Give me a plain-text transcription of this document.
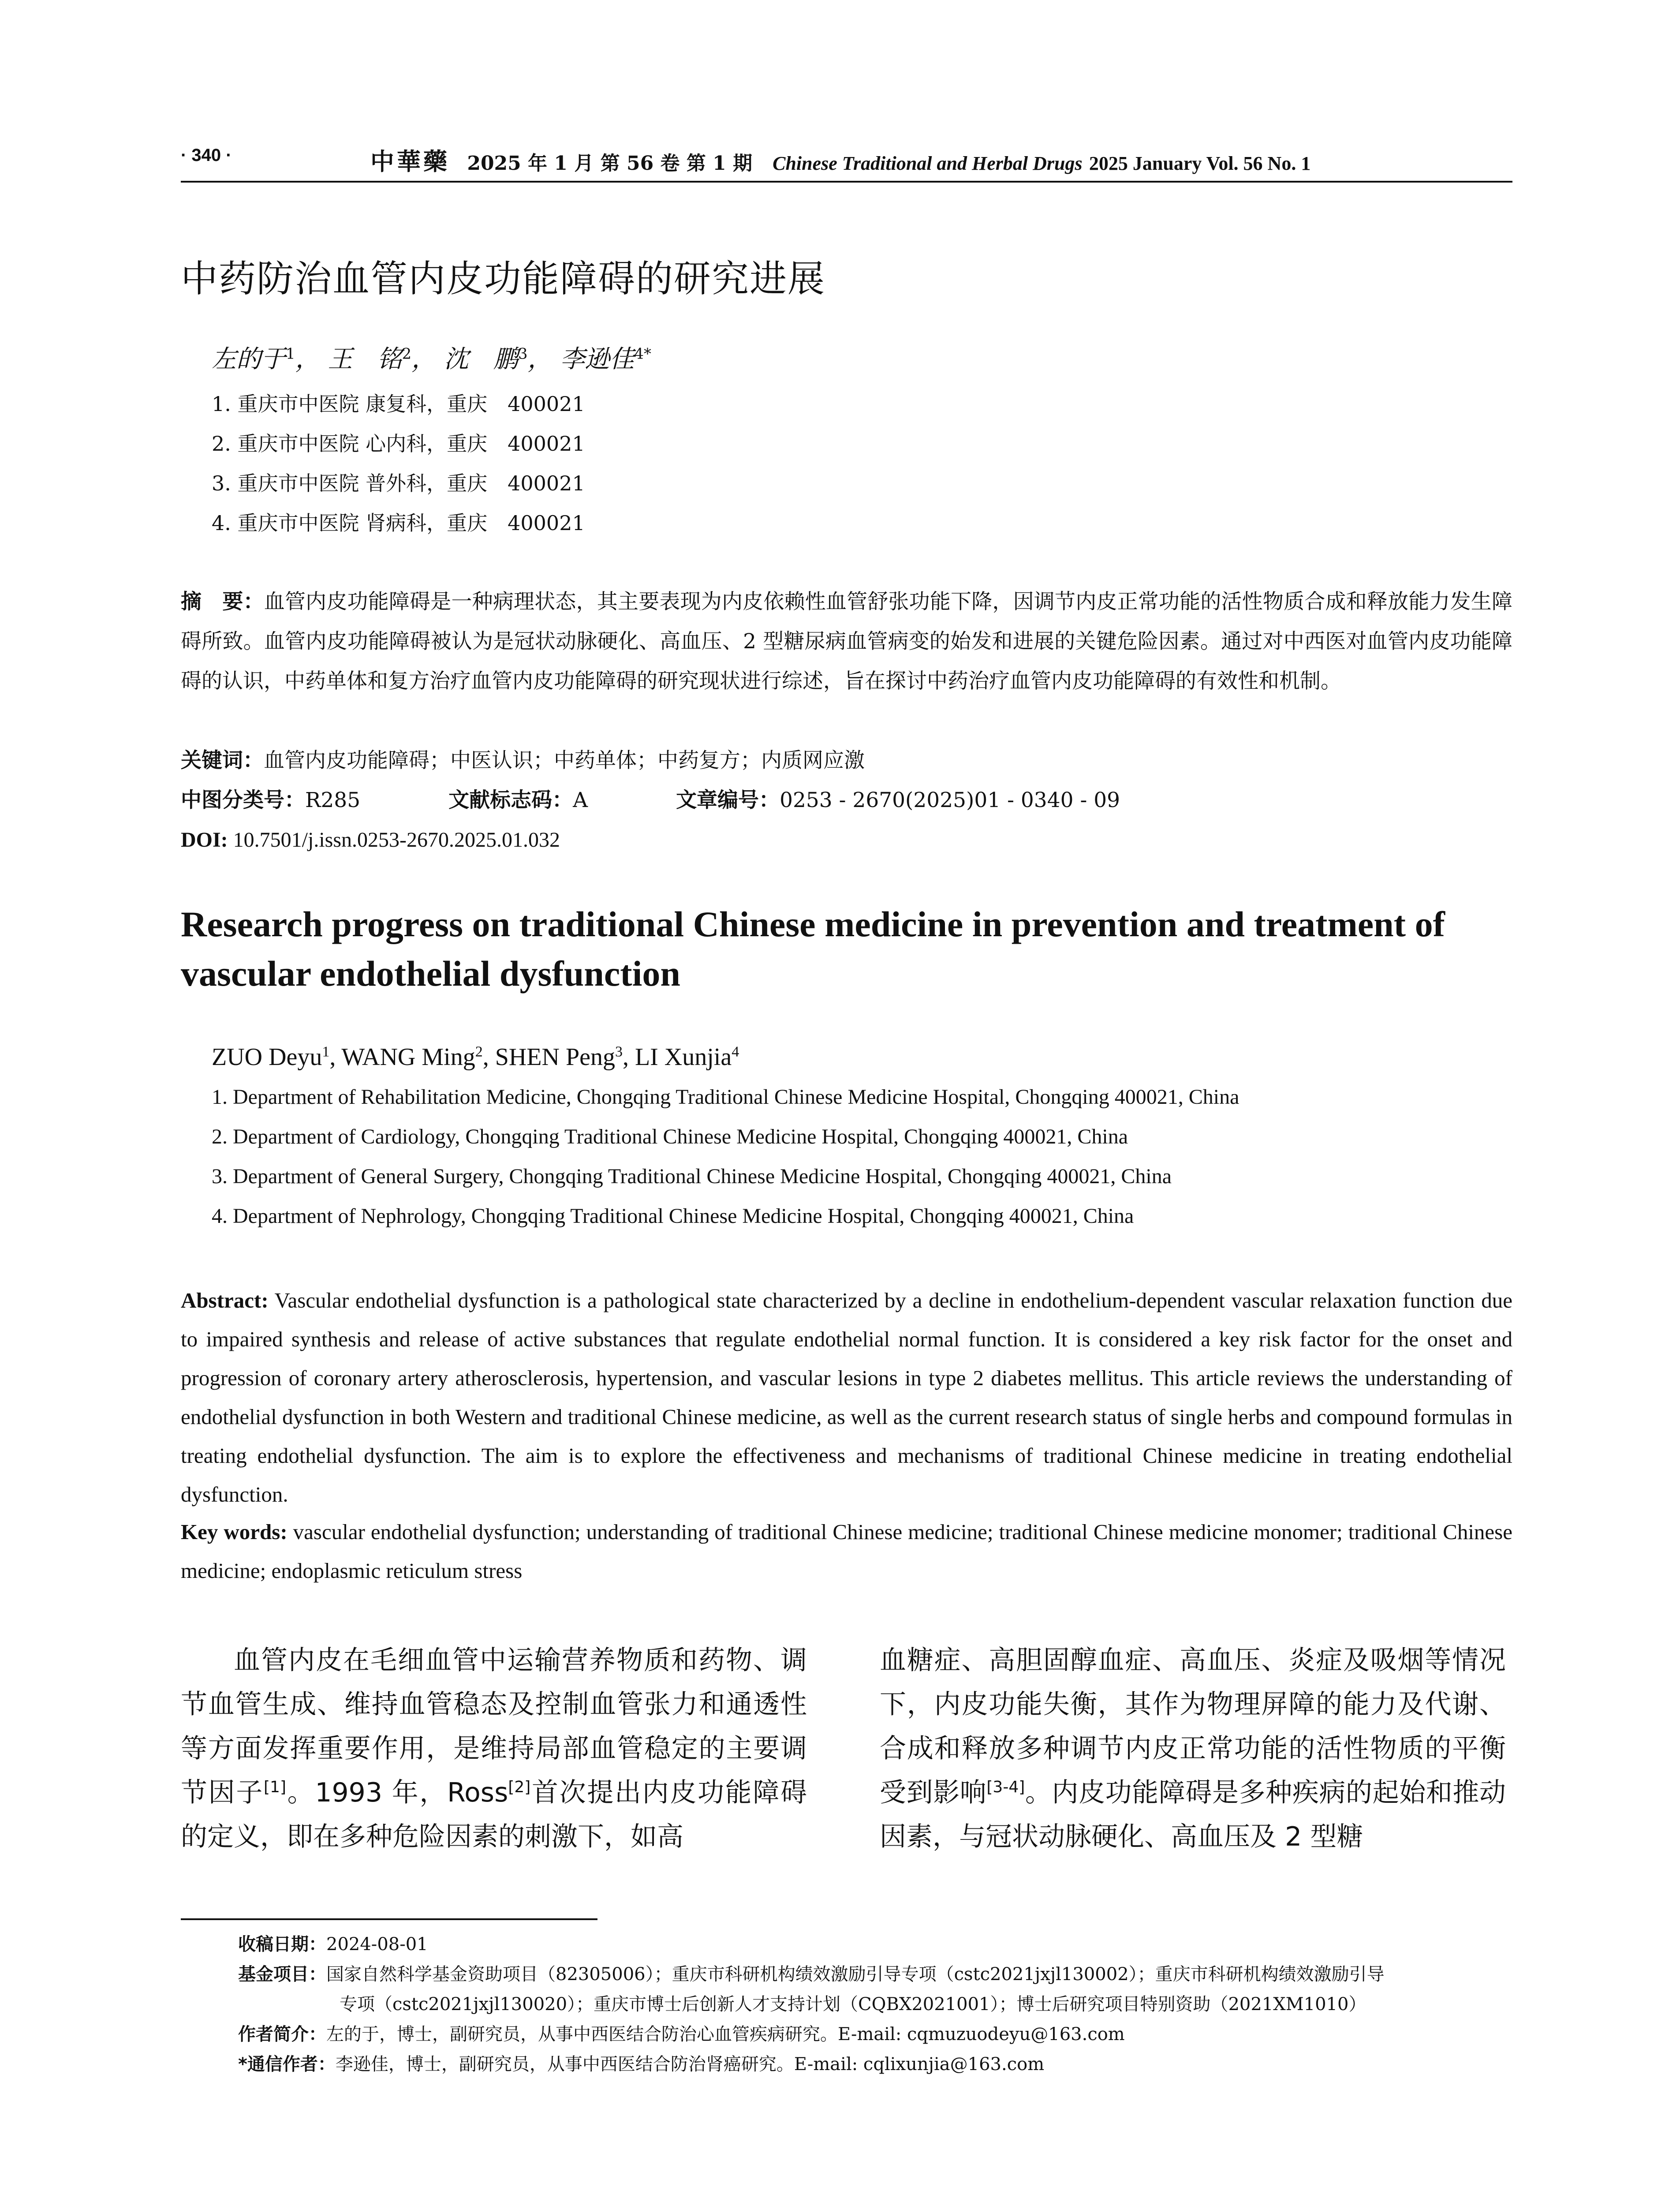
· 340 ·	中華藥 2025 年 1 月 第 56 卷 第 1 期 Chinese Traditional and Herbal Drugs 2025 January Vol. 56 No. 1
中药防治血管内皮功能障碍的研究进展
左的于$^1$， 王　铭$^2$， 沈　鹏$^3$， 李逊佳$^{4*}$
1. 重庆市中医院 康复科，重庆　400021
2. 重庆市中医院 心内科，重庆　400021
3. 重庆市中医院 普外科，重庆　400021
4. 重庆市中医院 肾病科，重庆　400021
摘　要：血管内皮功能障碍是一种病理状态，其主要表现为内皮依赖性血管舒张功能下降，因调节内皮正常功能的活性物质合成和释放能力发生障碍所致。血管内皮功能障碍被认为是冠状动脉硬化、高血压、2 型糖尿病血管病变的始发和进展的关键危险因素。通过对中西医对血管内皮功能障碍的认识，中药单体和复方治疗血管内皮功能障碍的研究现状进行综述，旨在探讨中药治疗血管内皮功能障碍的有效性和机制。
关键词：血管内皮功能障碍；中医认识；中药单体；中药复方；内质网应激
中图分类号：R285	文献标志码：A	文章编号：0253 - 2670(2025)01 - 0340 - 09
DOI: 10.7501/j.issn.0253-2670.2025.01.032
Research progress on traditional Chinese medicine in prevention and treatment of vascular endothelial dysfunction
ZUO Deyu$^1$, WANG Ming$^2$, SHEN Peng$^3$, LI Xunjia$^4$
1. Department of Rehabilitation Medicine, Chongqing Traditional Chinese Medicine Hospital, Chongqing 400021, China
2. Department of Cardiology, Chongqing Traditional Chinese Medicine Hospital, Chongqing 400021, China
3. Department of General Surgery, Chongqing Traditional Chinese Medicine Hospital, Chongqing 400021, China
4. Department of Nephrology, Chongqing Traditional Chinese Medicine Hospital, Chongqing 400021, China
Abstract: Vascular endothelial dysfunction is a pathological state characterized by a decline in endothelium-dependent vascular relaxation function due to impaired synthesis and release of active substances that regulate endothelial normal function. It is considered a key risk factor for the onset and progression of coronary artery atherosclerosis, hypertension, and vascular lesions in type 2 diabetes mellitus. This article reviews the understanding of endothelial dysfunction in both Western and traditional Chinese medicine, as well as the current research status of single herbs and compound formulas in treating endothelial dysfunction. The aim is to explore the effectiveness and mechanisms of traditional Chinese medicine in treating endothelial dysfunction.
Key words: vascular endothelial dysfunction; understanding of traditional Chinese medicine; traditional Chinese medicine monomer; traditional Chinese medicine; endoplasmic reticulum stress
血管内皮在毛细血管中运输营养物质和药物、调节血管生成、维持血管稳态及控制血管张力和通透性等方面发挥重要作用，是维持局部血管稳定的主要调节因子[1]。1993 年，Ross[2]首次提出内皮功能障碍的定义，即在多种危险因素的刺激下，如高
血糖症、高胆固醇血症、高血压、炎症及吸烟等情况下，内皮功能失衡，其作为物理屏障的能力及代谢、合成和释放多种调节内皮正常功能的活性物质的平衡受到影响[3-4]。内皮功能障碍是多种疾病的起始和推动因素，与冠状动脉硬化、高血压及 2 型糖
收稿日期：2024-08-01
基金项目：国家自然科学基金资助项目（82305006）；重庆市科研机构绩效激励引导专项（cstc2021jxjl130002）；重庆市科研机构绩效激励引导
专项（cstc2021jxjl130020）；重庆市博士后创新人才支持计划（CQBX2021001）；博士后研究项目特别资助（2021XM1010）
作者简介：左的于，博士，副研究员，从事中西医结合防治心血管疾病研究。E-mail: cqmuzuodeyu@163.com
*通信作者：李逊佳，博士，副研究员，从事中西医结合防治肾癌研究。E-mail: cqlixunjia@163.com
